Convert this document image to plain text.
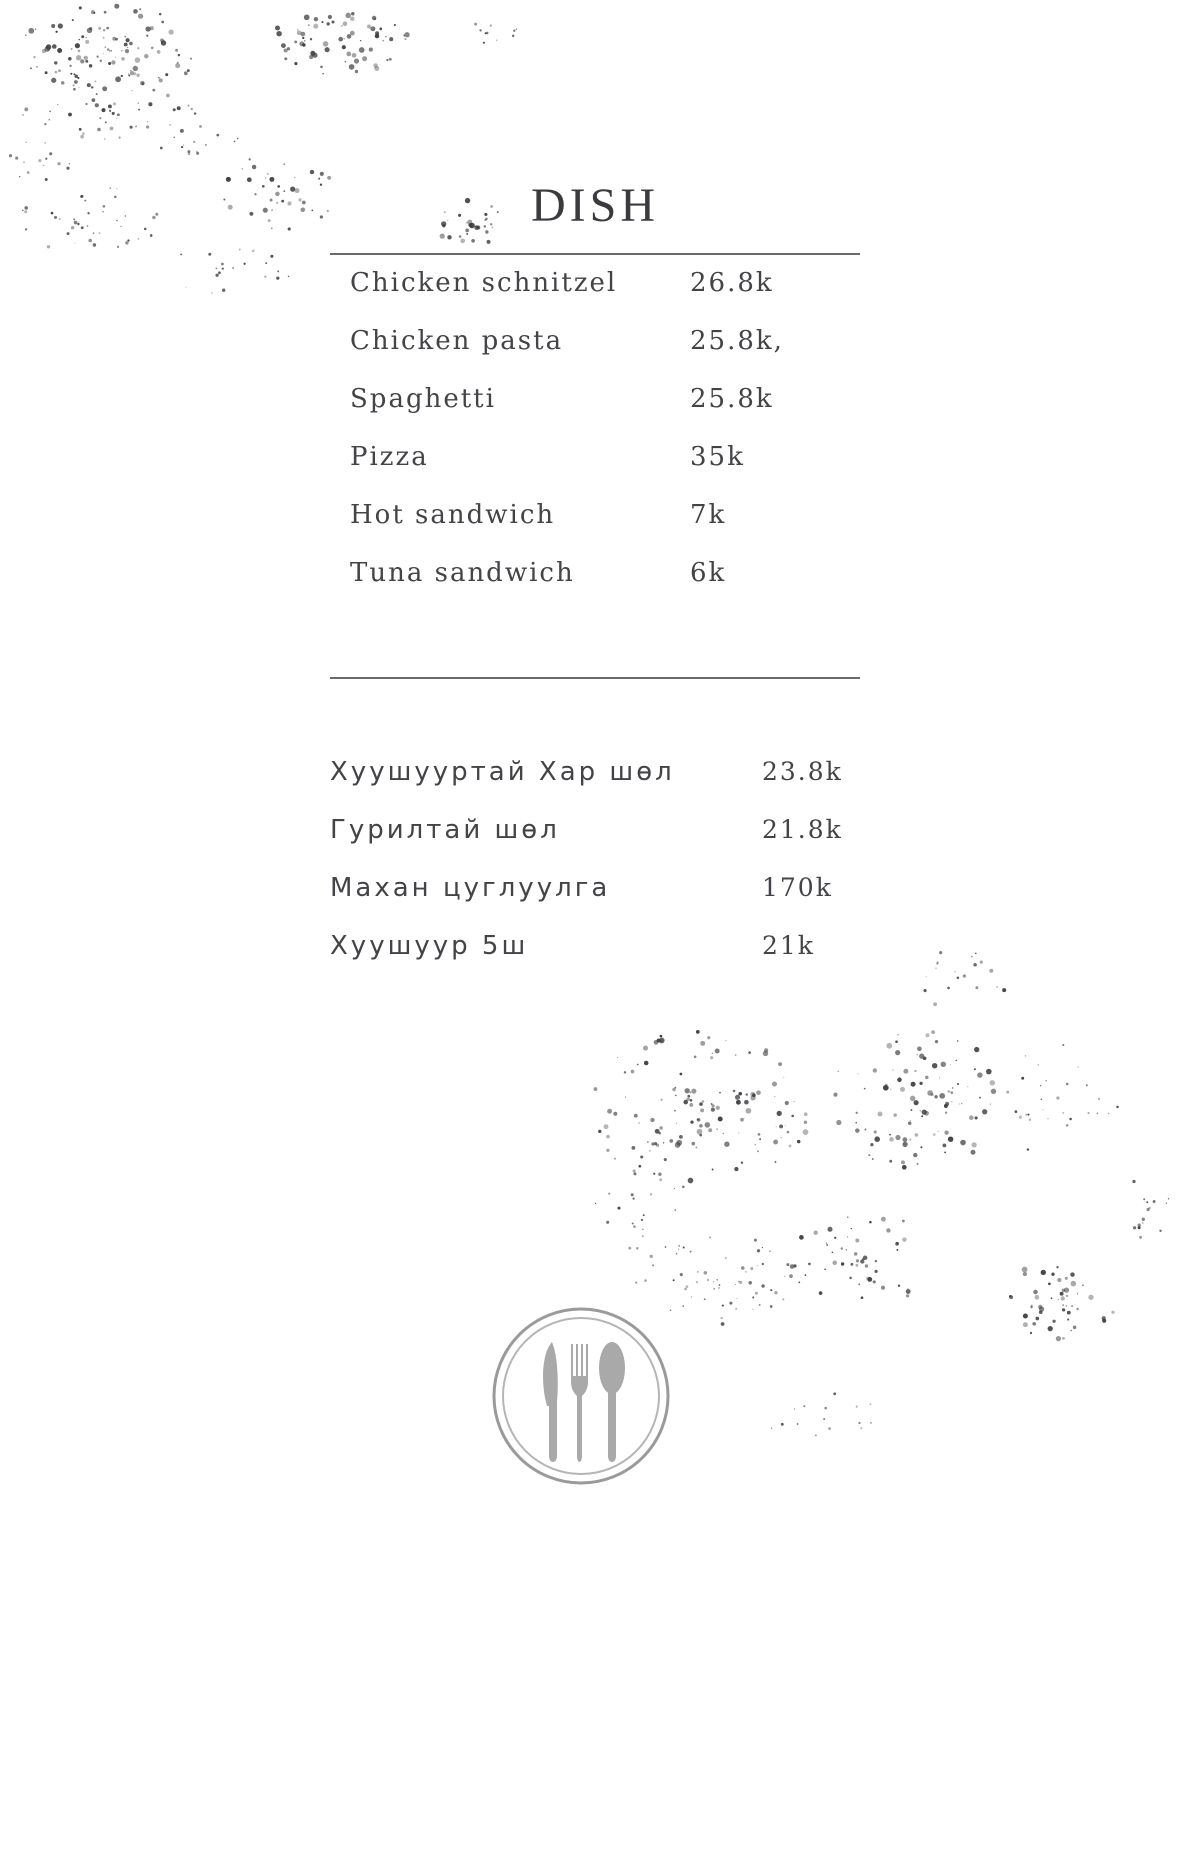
DISH
Chicken schnitzel	26.8k
Chicken pasta	25.8k,
Spaghetti	25.8k
Pizza	35k
Hot sandwich	7k
Tuna sandwich	6k
Хуушууртай Хар шөл	23.8k
Гурилтай шөл	21.8k
Махан цуглуулга	170k
Хуушуур 5ш	21k
